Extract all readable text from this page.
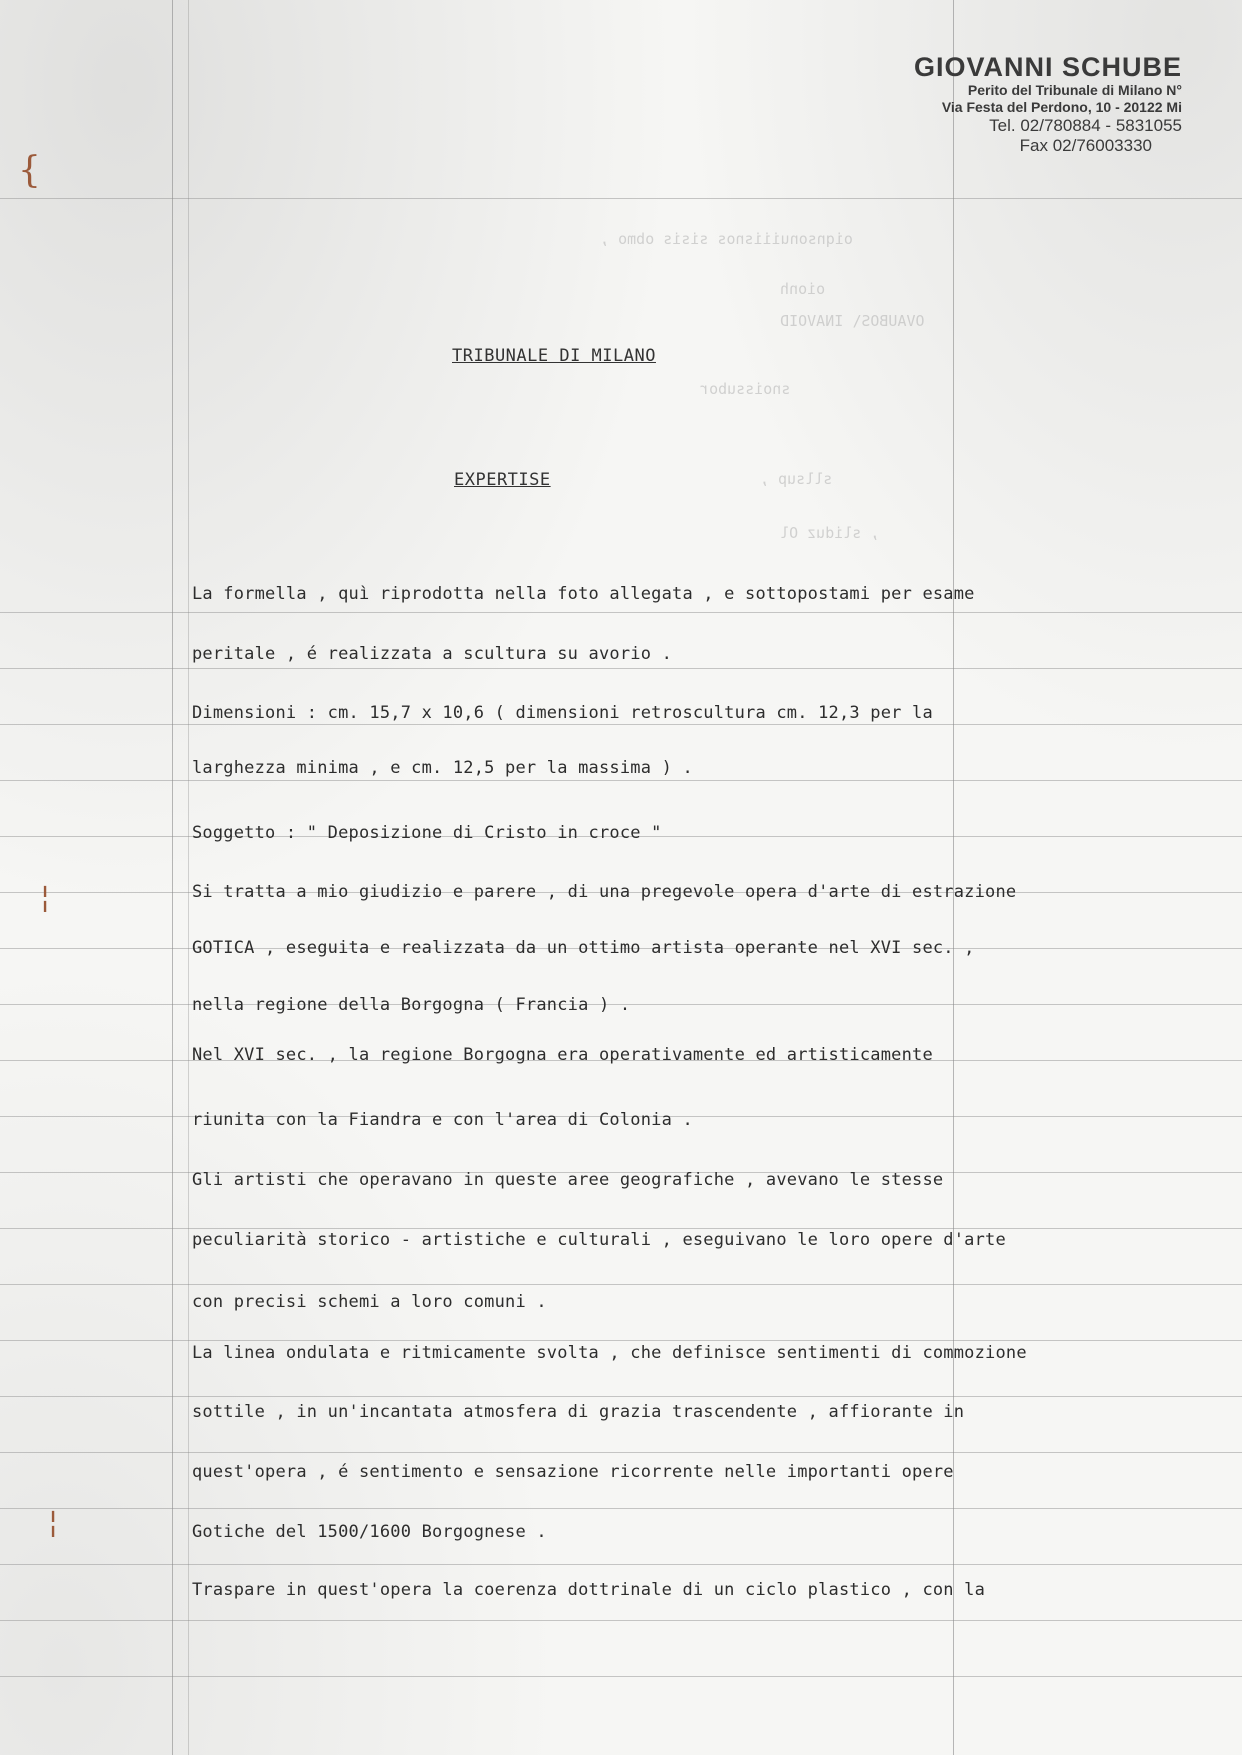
oiqnsonuiiisnos sisis obmo ,
oionh
OVAUBOS\ INAVOID
snoissubor
sllsup ,
, sliduz Ol
{
¦
¦
GIOVANNI SCHUBE
Perito del Tribunale di Milano N°
Via Festa del Perdono, 10 - 20122 Mi
Tel. 02/780884 - 5831055
Fax 02/76003330
TRIBUNALE DI MILANO
EXPERTISE
La formella , quì riprodotta nella foto allegata , e sottopostami per esame
peritale , é realizzata a scultura su avorio .
Dimensioni : cm. 15,7 x 10,6 ( dimensioni retroscultura cm. 12,3 per la
larghezza minima , e cm. 12,5 per la massima ) .
Soggetto : " Deposizione di Cristo in croce "
Si tratta a mio giudizio e parere , di una pregevole opera d'arte di estrazione
GOTICA , eseguita e realizzata da un ottimo artista operante nel XVI sec. ,
nella regione della Borgogna ( Francia ) .
Nel XVI sec. , la regione Borgogna era operativamente ed artisticamente
riunita con la Fiandra e con l'area di Colonia .
Gli artisti che operavano in queste aree geografiche , avevano le stesse
peculiarità storico - artistiche e culturali , eseguivano le loro opere d'arte
con precisi schemi a loro comuni .
La linea ondulata e ritmicamente svolta , che definisce sentimenti di commozione
sottile , in un'incantata atmosfera di grazia trascendente , affiorante in
quest'opera , é sentimento e sensazione ricorrente nelle importanti opere
Gotiche del 1500/1600 Borgognese .
Traspare in quest'opera la coerenza dottrinale di un ciclo plastico , con la
